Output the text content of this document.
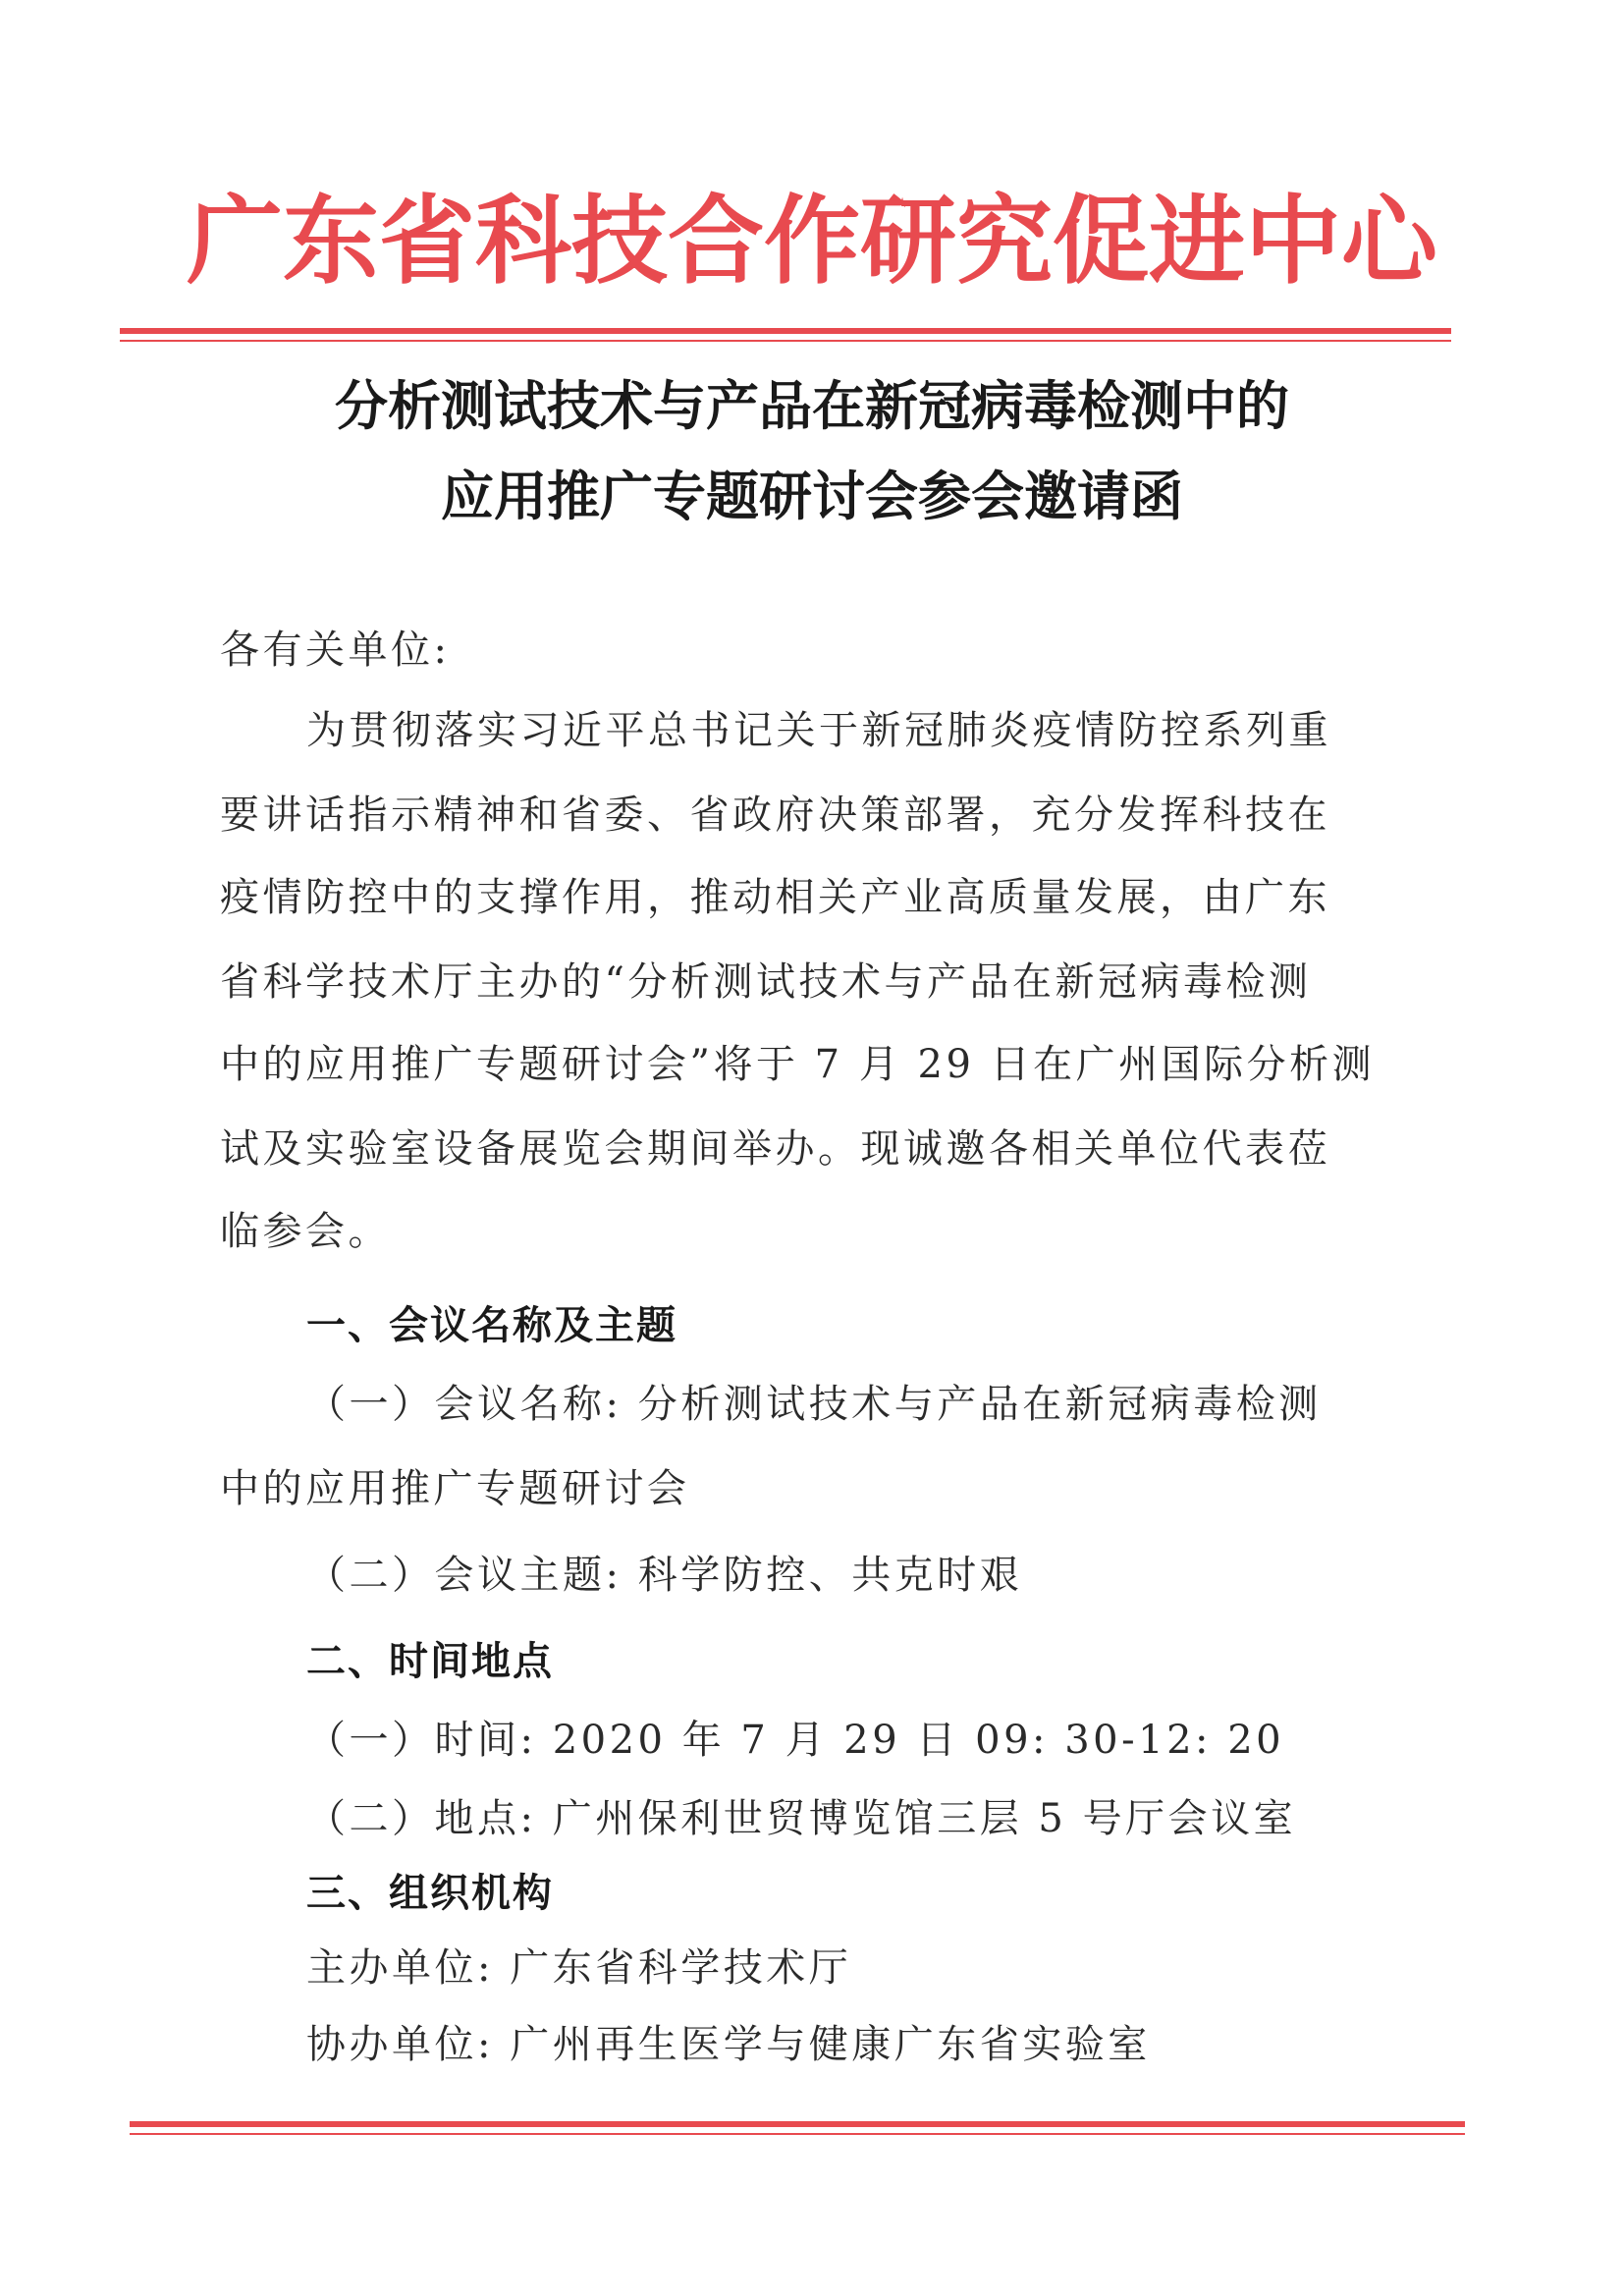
广东省科技合作研究促进中心
分析测试技术与产品在新冠病毒检测中的
应用推广专题研讨会参会邀请函
各有关单位:
为贯彻落实习近平总书记关于新冠肺炎疫情防控系列重
要讲话指示精神和省委、省政府决策部署，充分发挥科技在
疫情防控中的支撑作用，推动相关产业高质量发展，由广东
省科学技术厅主办的“分析测试技术与产品在新冠病毒检测
中的应用推广专题研讨会”将于 7 月 29 日在广州国际分析测
试及实验室设备展览会期间举办。现诚邀各相关单位代表莅
临参会。
一、会议名称及主题
（一）会议名称: 分析测试技术与产品在新冠病毒检测
中的应用推广专题研讨会
（二）会议主题: 科学防控、共克时艰
二、时间地点
（一）时间: 2020 年 7 月 29 日 09: 30-12: 20
（二）地点: 广州保利世贸博览馆三层 5 号厅会议室
三、组织机构
主办单位: 广东省科学技术厅
协办单位: 广州再生医学与健康广东省实验室
